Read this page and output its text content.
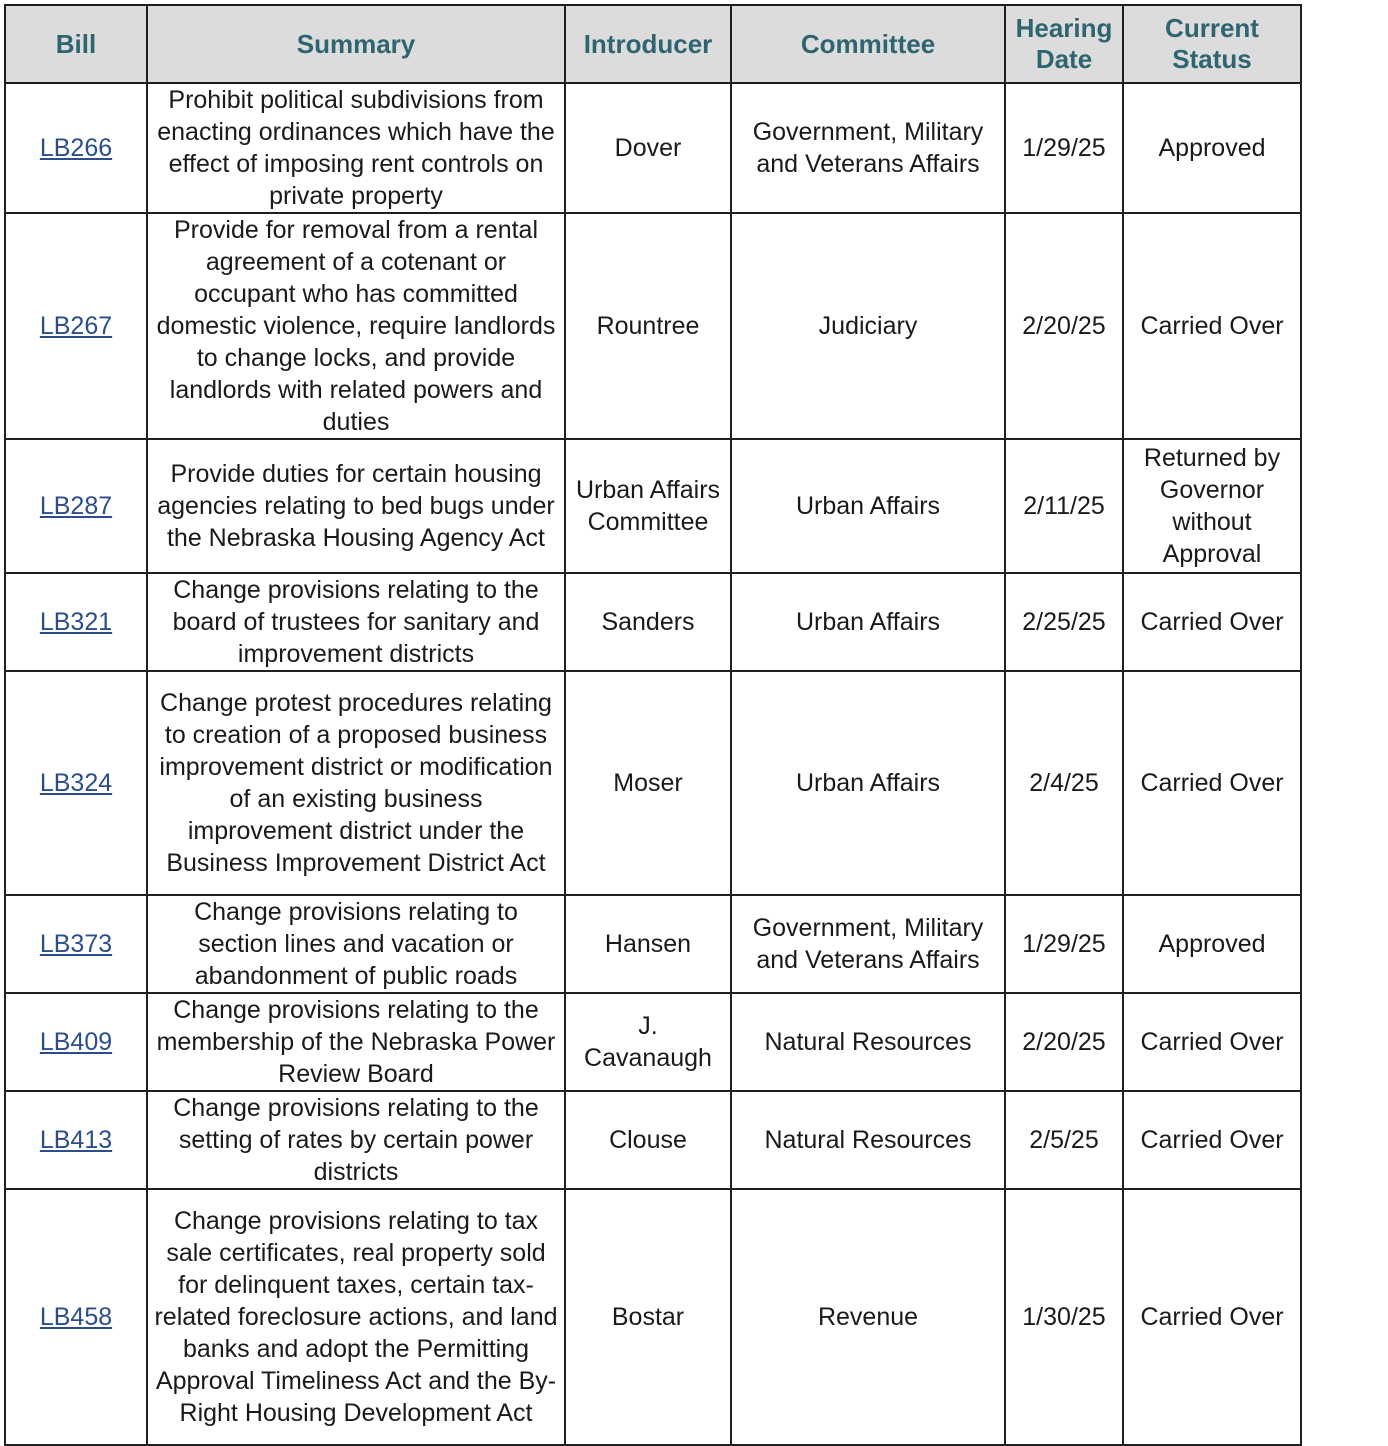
Bill	Summary	Introducer	Committee	Hearing Date	Current Status
LB266	Prohibit political subdivisions from enacting ordinances which have the effect of imposing rent controls on private property	Dover	Government, Military and Veterans Affairs	1/29/25	Approved
LB267	Provide for removal from a rental agreement of a cotenant or occupant who has committed domestic violence, require landlords to change locks, and provide landlords with related powers and duties	Rountree	Judiciary	2/20/25	Carried Over
LB287	Provide duties for certain housing agencies relating to bed bugs under the Nebraska Housing Agency Act	Urban Affairs Committee	Urban Affairs	2/11/25	Returned by Governor without Approval
LB321	Change provisions relating to the board of trustees for sanitary and improvement districts	Sanders	Urban Affairs	2/25/25	Carried Over
LB324	Change protest procedures relating to creation of a proposed business improvement district or modification of an existing business improvement district under the Business Improvement District Act	Moser	Urban Affairs	2/4/25	Carried Over
LB373	Change provisions relating to section lines and vacation or abandonment of public roads	Hansen	Government, Military and Veterans Affairs	1/29/25	Approved
LB409	Change provisions relating to the membership of the Nebraska Power Review Board	J. Cavanaugh	Natural Resources	2/20/25	Carried Over
LB413	Change provisions relating to the setting of rates by certain power districts	Clouse	Natural Resources	2/5/25	Carried Over
LB458	Change provisions relating to tax sale certificates, real property sold for delinquent taxes, certain tax-related foreclosure actions, and land banks and adopt the Permitting Approval Timeliness Act and the By-Right Housing Development Act	Bostar	Revenue	1/30/25	Carried Over
